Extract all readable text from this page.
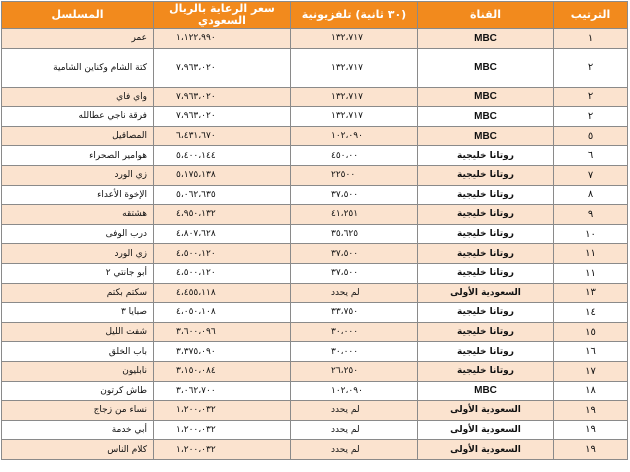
الترتيب	القناة	(٣٠ ثانية) تلفزيونية	سعر الرعاية بالريال السعودي	المسلسل
١	MBC	١٣٢،٧١٧	١،١٢٢،٩٩٠	عمر
٢	MBC	١٣٢،٧١٧	٧،٩٦٣،٠٢٠	كتة الشام وكناين الشامية
٢	MBC	١٣٢،٧١٧	٧،٩٦٣،٠٢٠	واي فاي
٢	MBC	١٣٢،٧١٧	٧،٩٦٣،٠٢٠	فرقة ناجي عطالله
٥	MBC	١٠٢،٠٩٠	٦،٤٣١،٦٧٠	المصاقيل
٦	روتانا خليجية	٤٥٠،٠٠	٥،٤٠٠،١٤٤	هوامير الصحراء
٧	روتانا خليجية	٢٢٥٠٠	٥،١٧٥،١٣٨	زي الورد
٨	روتانا خليجية	٣٧،٥٠٠	٥،٠٦٢،٦٣٥	الإخوة الأعداء
٩	روتانا خليجية	٤١،٢٥١	٤،٩٥٠،١٣٢	هشتقه
١٠	روتانا خليجية	٣٥،٦٢٥	٤،٨٠٧،٦٢٨	درب الوفى
١١	روتانا خليجية	٣٧،٥٠٠	٤،٥٠٠،١٢٠	زي الورد
١١	روتانا خليجية	٣٧،٥٠٠	٤،٥٠٠،١٢٠	أبو جانتي ٢
١٣	السعودية الأولى	لم يحدد	٤،٤٥٥،١١٨	سكتم بكتم
١٤	روتانا خليجية	٣٣،٧٥٠	٤،٠٥٠،١٠٨	صبايا ٣
١٥	روتانا خليجية	٣٠،٠٠٠	٣،٦٠٠،٠٩٦	شفت الليل
١٦	روتانا خليجية	٣٠،٠٠٠	٣،٣٧٥،٠٩٠	باب الخلق
١٧	روتانا خليجية	٢٦،٢٥٠	٣،١٥٠،٠٨٤	نابليون
١٨	MBC	١٠٢،٠٩٠	٣،٠٦٢،٧٠٠	طاش كرتون
١٩	السعودية الأولى	لم يحدد	١،٢٠٠،٠٣٢	نساء من زجاج
١٩	السعودية الأولى	لم يحدد	١،٢٠٠،٠٣٢	أبي خدمة
١٩	السعودية الأولى	لم يحدد	١،٢٠٠،٠٣٢	كلام الناس
